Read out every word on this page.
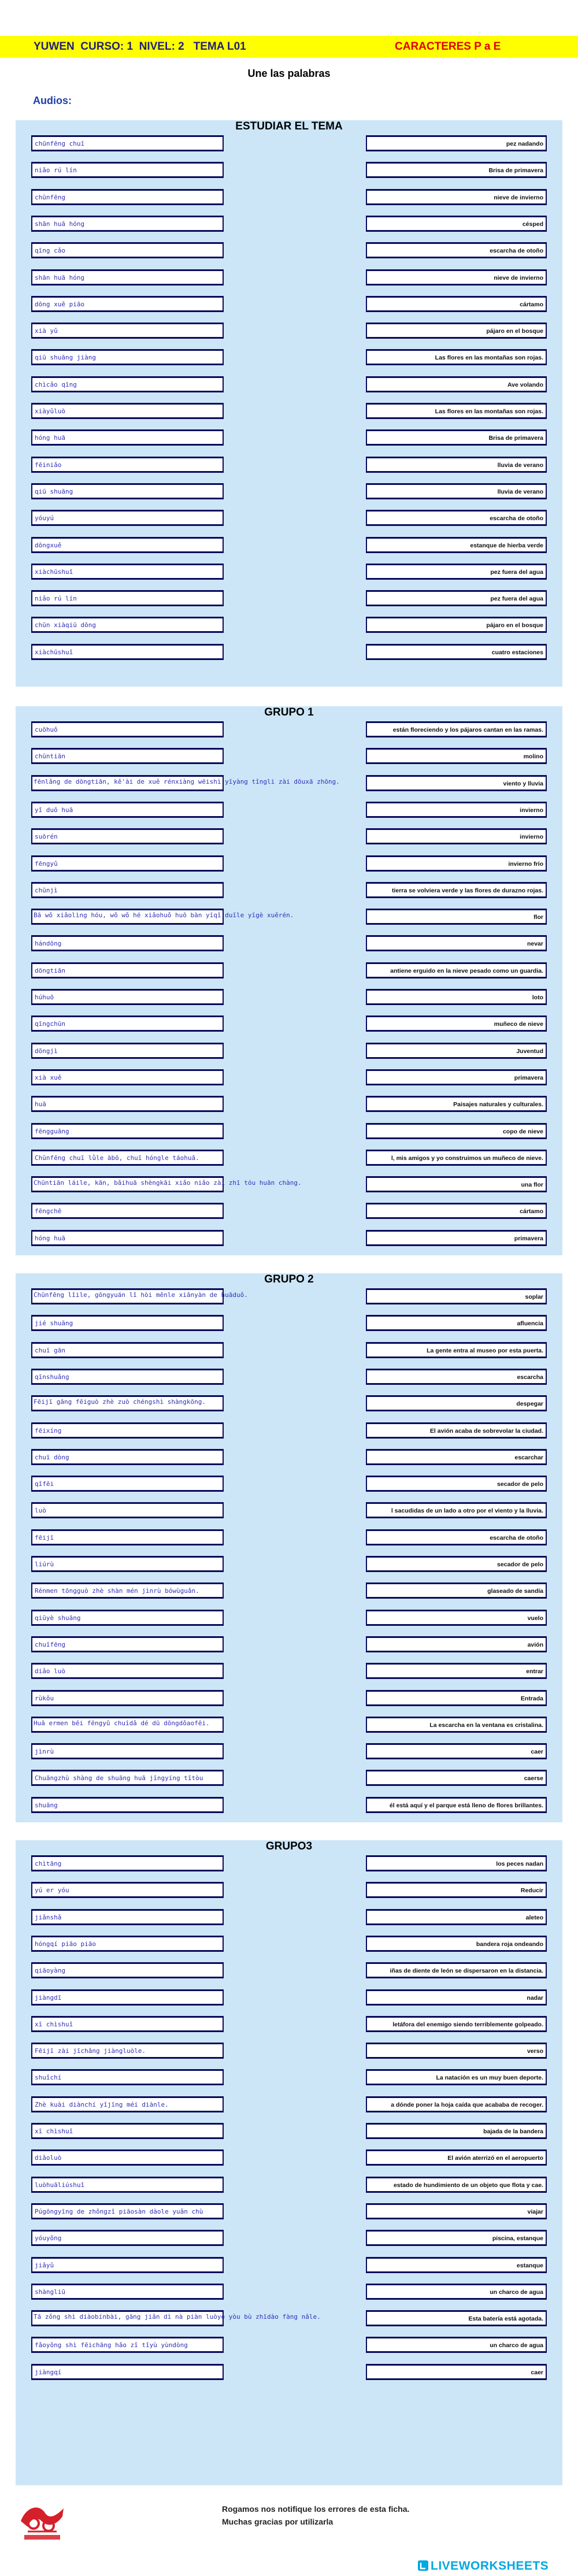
YUWEN  CURSO: 1  NIVEL: 2   TEMA L01	CARACTERES P a E
Une las palabras
Audios:
ESTUDIAR EL TEMA
chūnfēng chuī	pez nadando
niǎo rú lín	Brisa de primavera
chūnfēng	nieve de invierno
shān huā hóng	césped
qīng cǎo	escarcha de otoño
shān huā hóng	nieve de invierno
dōng xuě piāo	cártamo
xià yǔ	pájaro en el bosque
qiū shuāng jiàng	Las flores en las montañas son rojas.
chìcǎo qīng	Ave volando
xiàyǔluò	Las flores en las montañas son rojas.
hóng huā	Brisa de primavera
fēiniǎo	lluvia de verano
qiū shuāng	lluvia de verano
yóuyú	escarcha de otoño
dōngxuě	estanque de hierba verde
xiàchūshuǐ	pez fuera del agua
niǎo rú lín	pez fuera del agua
chūn xiàqiū dōng	pájaro en el bosque
xiàchūshuǐ	cuatro estaciones
GRUPO 1
cuōhuǒ	están floreciendo y los pájaros cantan en las ramas.
chūntiān	molino
fēnlǎng de dōngtiān, kě'ài de xuě rénxiàng wēishì yīyàng tǐngli zài dōuxā zhōng.	viento y lluvia
yǐ duō huā	invierno
suōrén	invierno
fēngyǔ	invierno frío
chūnjì	tierra se volviera verde y las flores de durazno rojas.
Bā wǒ xiǎolìng hóu, wǒ wǒ hé xiǎohuǒ huō bàn yīqǐ duīle yīgè xuěrén.	flor
hándōng	nevar
dōngtiān	antiene erguido en la nieve pesado como un guardia.
húhuō	loto
qīngchūn	muñeco de nieve
dōngjì	Juventud
xià xuě	primavera
huā	Paisajes naturales y culturales.
fēngguāng	copo de nieve
Chūnfēng chuī lǜle àbō, chuī hóngle táohuā.	l, mis amigos y yo construimos un muñeco de nieve.
Chūntiān láile, kān, bǎihuā shèngkāi xiǎo niǎo zài zhī tóu huān chàng.	una flor
fēngchē	cártamo
hóng huā	primavera
GRUPO 2
Chūnfēng lǐile, gōngyuán lǐ hòi měnle xiānyàn de huāduǒ.	soplar
jié shuāng	afluencia
chuī gān	La gente entra al museo por esta puerta.
qīnshuǎng	escarcha
Fēijī gāng fēiguò zhè zuò chéngshì shàngkōng.	despegar
fēixíng	El avión acaba de sobrevolar la ciudad.
chuī dòng	escarchar
qǐfēi	secador de pelo
luò	l sacudidas de un lado a otro por el viento y la lluvia.
fēijī	escarcha de otoño
liúrù	secador de pelo
Rénmen tōngguò zhè shàn mén jìnrù bówùguǎn.	glaseado de sandía
qiūyè shuāng	vuelo
chuīfēng	avión
diǎo luò	entrar
rùkǒu	Entrada
Huā ermen bēi fēngyǔ chuīdǎ dé dū dōngdǒaofēi.	La escarcha en la ventana es cristalina.
jìnrù	caer
Chuāngzhù shàng de shuāng huā jīngyíng tītòu	caerse
shuāng	él está aquí y el parque está lleno de flores brillantes.
GRUPO3
chìtāng	los peces nadan
yú er yóu	Reducir
jiǎnshǎ	aleteo
hóngqí piāo piāo	bandera roja ondeando
qiāoyàng	iñas de diente de león se dispersaron en la distancia.
jiàngdī	nadar
xī chìshuǐ	letáfora del enemigo siendo terriblemente golpeado.
Fēijī zài jīchǎng jiàngluòle.	verso
shuǐchí	La natación es un muy buen deporte.
Zhè kuài diànchí yǐjīng méi diànle.	a dónde poner la hoja caída que acababa de recoger.
xī chìshuǐ	bajada de la bandera
diǎoluò	El avión aterrizó en el aeropuerto
luòhuāliúshuǐ	estado de hundimiento de un objeto que flota y cae.
Púgōngyīng de zhǒngzǐ piāosàn dàole yuǎn chù	viajar
yóuyǒng	piscina, estanque
jiǎyǔ	estanque
shàngliū	un charco de agua
Tā zǒng shì diàobínbài, gāng jiǎn dì nà piàn luòyè yòu bù zhīdào fàng nǎle.	Esta batería está agotada.
fǎoyǒng shì fēichāng hǎo zǐ tǐyù yùndòng	un charco de agua
jiàngqí	caer
Rogamos nos notifique los errores de esta ficha.
Muchas gracias por utilizarla
LIVEWORKSHEETS
